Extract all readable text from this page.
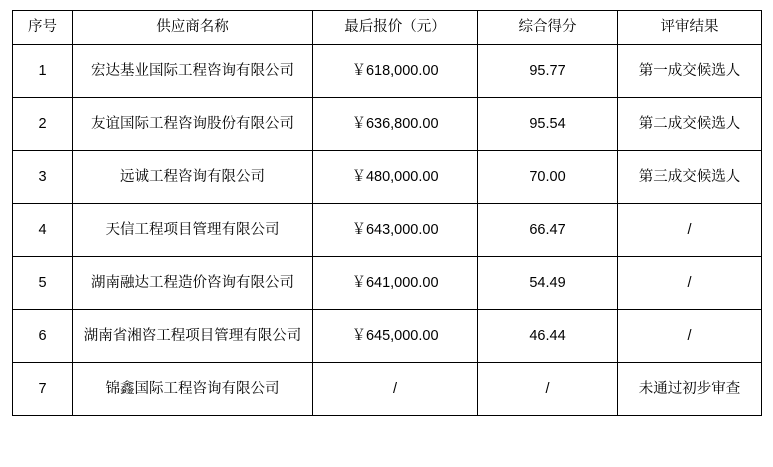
序号	供应商名称	最后报价（元）	综合得分	评审结果
1	宏达基业国际工程咨询有限公司	￥618,000.00	95.77	第一成交候选人
2	友谊国际工程咨询股份有限公司	￥636,800.00	95.54	第二成交候选人
3	远诚工程咨询有限公司	￥480,000.00	70.00	第三成交候选人
4	天信工程项目管理有限公司	￥643,000.00	66.47	/
5	湖南融达工程造价咨询有限公司	￥641,000.00	54.49	/
6	湖南省湘咨工程项目管理有限公司	￥645,000.00	46.44	/
7	锦鑫国际工程咨询有限公司	/	/	未通过初步审查
